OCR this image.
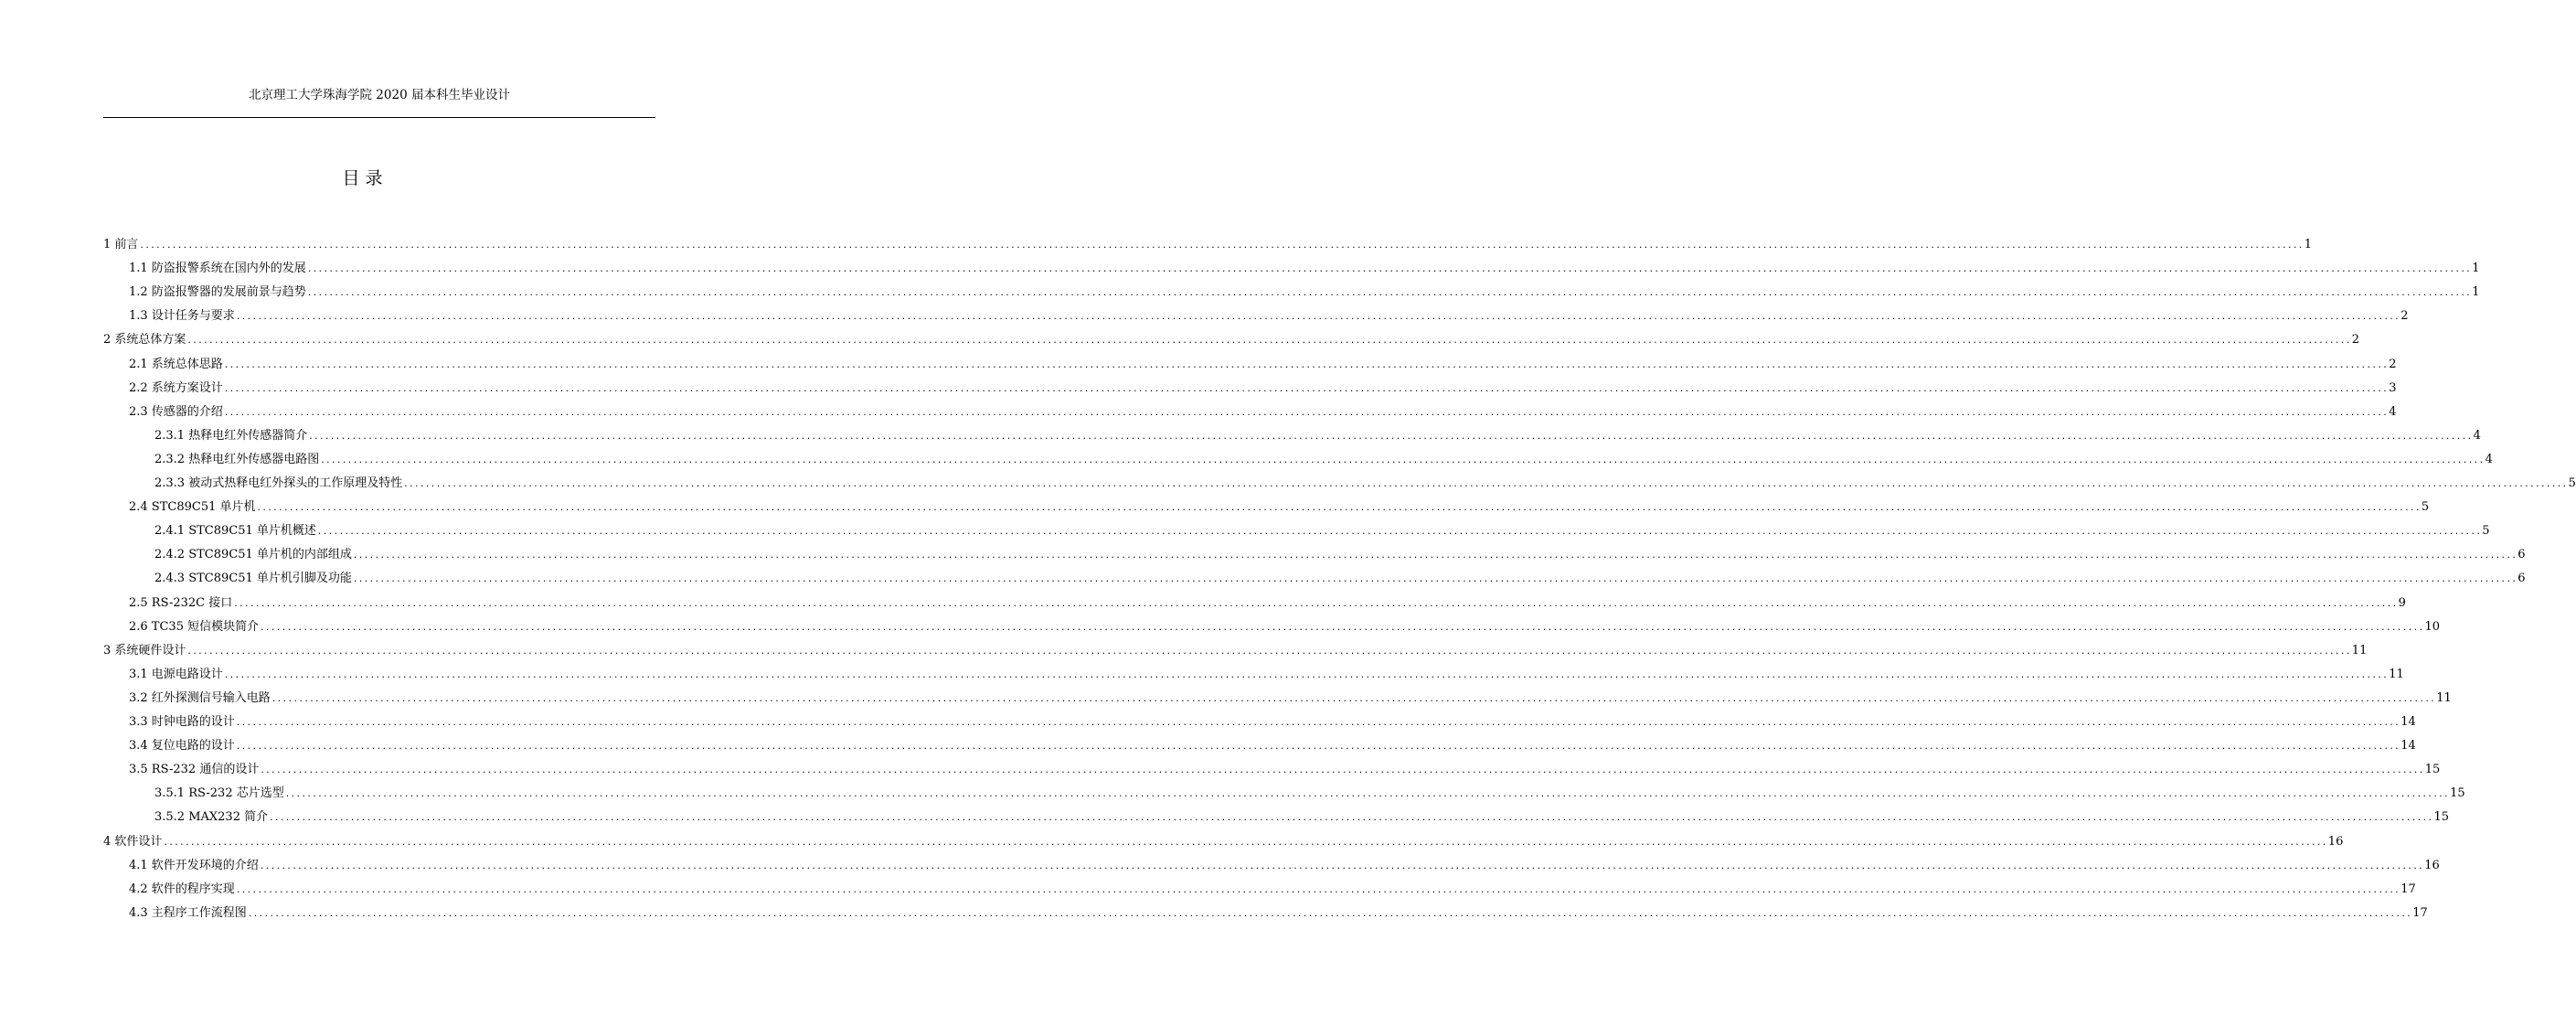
北京理工大学珠海学院 2020 届本科生毕业设计
目 录
1 前言 ................................................................................................................................................................................................................................................................................................................................................................................................................ 1
1.1 防盗报警系统在国内外的发展 ................................................................................................................................................................................................................................................................................................................................................................................................................ 1
1.2 防盗报警器的发展前景与趋势 ................................................................................................................................................................................................................................................................................................................................................................................................................ 1
1.3 设计任务与要求 ................................................................................................................................................................................................................................................................................................................................................................................................................ 2
2 系统总体方案 ................................................................................................................................................................................................................................................................................................................................................................................................................ 2
2.1 系统总体思路 ................................................................................................................................................................................................................................................................................................................................................................................................................ 2
2.2 系统方案设计 ................................................................................................................................................................................................................................................................................................................................................................................................................ 3
2.3 传感器的介绍 ................................................................................................................................................................................................................................................................................................................................................................................................................ 4
2.3.1 热释电红外传感器简介 ................................................................................................................................................................................................................................................................................................................................................................................................................ 4
2.3.2 热释电红外传感器电路图 ................................................................................................................................................................................................................................................................................................................................................................................................................ 4
2.3.3 被动式热释电红外探头的工作原理及特性 ................................................................................................................................................................................................................................................................................................................................................................................................................ 5
2.4 STC89C51 单片机 ................................................................................................................................................................................................................................................................................................................................................................................................................ 5
2.4.1 STC89C51 单片机概述 ................................................................................................................................................................................................................................................................................................................................................................................................................ 5
2.4.2 STC89C51 单片机的内部组成 ................................................................................................................................................................................................................................................................................................................................................................................................................ 6
2.4.3 STC89C51 单片机引脚及功能 ................................................................................................................................................................................................................................................................................................................................................................................................................ 6
2.5 RS-232C 接口 ................................................................................................................................................................................................................................................................................................................................................................................................................ 9
2.6 TC35 短信模块简介 ................................................................................................................................................................................................................................................................................................................................................................................................................ 10
3 系统硬件设计 ................................................................................................................................................................................................................................................................................................................................................................................................................ 11
3.1 电源电路设计 ................................................................................................................................................................................................................................................................................................................................................................................................................ 11
3.2 红外探测信号输入电路 ................................................................................................................................................................................................................................................................................................................................................................................................................ 11
3.3 时钟电路的设计 ................................................................................................................................................................................................................................................................................................................................................................................................................ 14
3.4 复位电路的设计 ................................................................................................................................................................................................................................................................................................................................................................................................................ 14
3.5 RS-232 通信的设计 ................................................................................................................................................................................................................................................................................................................................................................................................................ 15
3.5.1 RS-232 芯片选型 ................................................................................................................................................................................................................................................................................................................................................................................................................ 15
3.5.2 MAX232 简介 ................................................................................................................................................................................................................................................................................................................................................................................................................ 15
4 软件设计 ................................................................................................................................................................................................................................................................................................................................................................................................................ 16
4.1 软件开发环境的介绍 ................................................................................................................................................................................................................................................................................................................................................................................................................ 16
4.2 软件的程序实现 ................................................................................................................................................................................................................................................................................................................................................................................................................ 17
4.3 主程序工作流程图 ................................................................................................................................................................................................................................................................................................................................................................................................................ 17
